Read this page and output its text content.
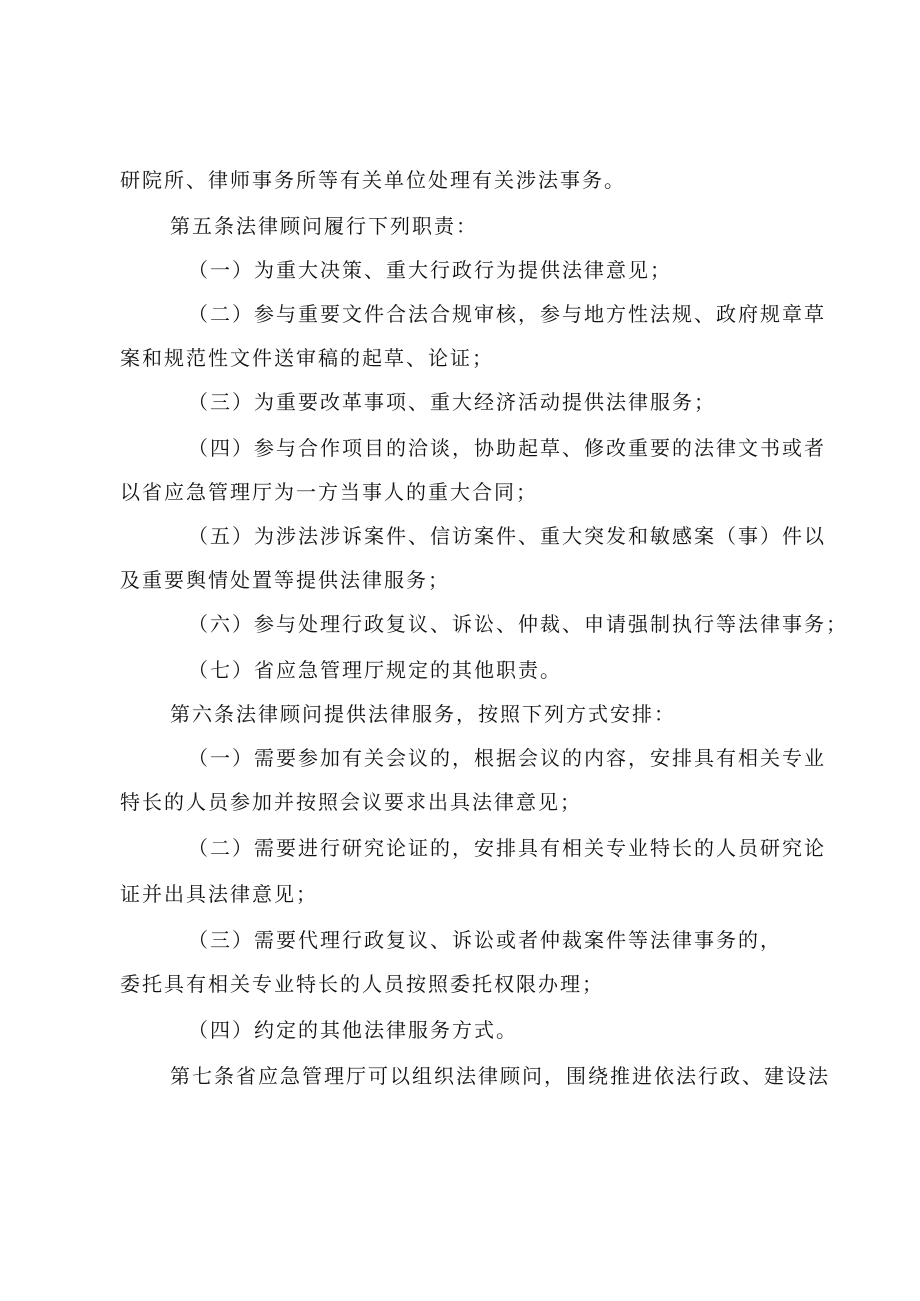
研院所、律师事务所等有关单位处理有关涉法事务。
第五条法律顾问履行下列职责：
（一）为重大决策、重大行政行为提供法律意见；
（二）参与重要文件合法合规审核，参与地方性法规、政府规章草
案和规范性文件送审稿的起草、论证；
（三）为重要改革事项、重大经济活动提供法律服务；
（四）参与合作项目的洽谈，协助起草、修改重要的法律文书或者
以省应急管理厅为一方当事人的重大合同；
（五）为涉法涉诉案件、信访案件、重大突发和敏感案（事）件以
及重要舆情处置等提供法律服务；
（六）参与处理行政复议、诉讼、仲裁、申请强制执行等法律事务；
（七）省应急管理厅规定的其他职责。
第六条法律顾问提供法律服务，按照下列方式安排：
（一）需要参加有关会议的，根据会议的内容，安排具有相关专业
特长的人员参加并按照会议要求出具法律意见；
（二）需要进行研究论证的，安排具有相关专业特长的人员研究论
证并出具法律意见；
（三）需要代理行政复议、诉讼或者仲裁案件等法律事务的，
委托具有相关专业特长的人员按照委托权限办理；
（四）约定的其他法律服务方式。
第七条省应急管理厅可以组织法律顾问，围绕推进依法行政、建设法
